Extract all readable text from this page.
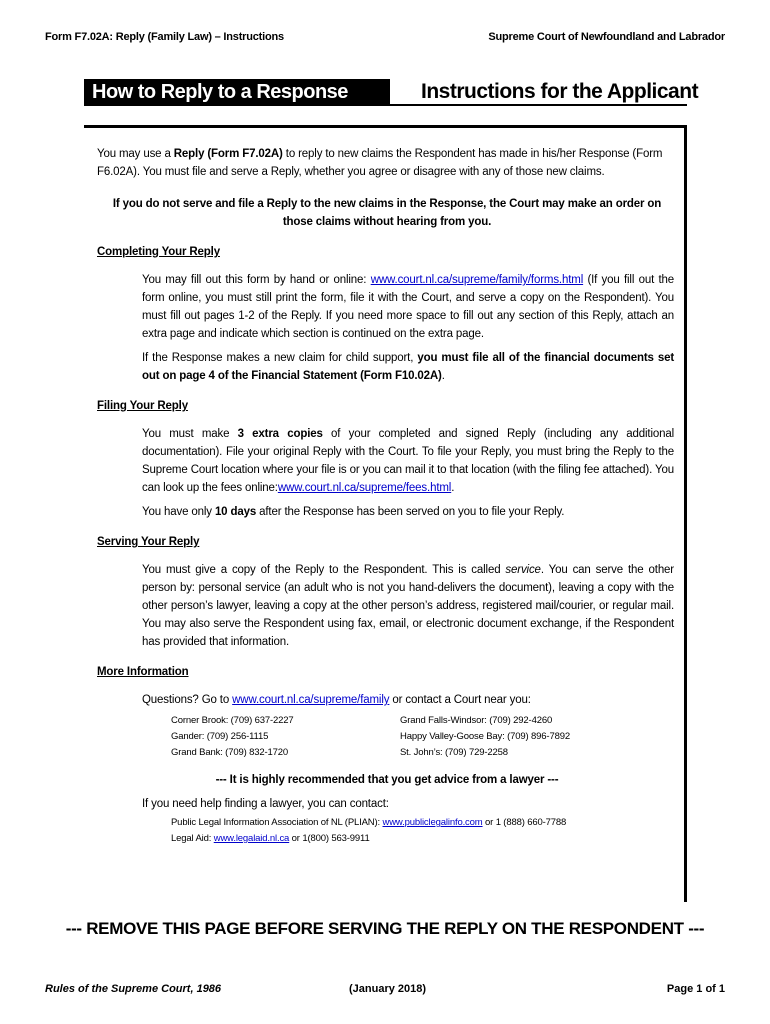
Form F7.02A: Reply (Family Law) – Instructions	Supreme Court of Newfoundland and Labrador
How to Reply to a Response	Instructions for the Applicant

You may use a Reply (Form F7.02A) to reply to new claims the Respondent has made in his/her Response (Form F6.02A). You must file and serve a Reply, whether you agree or disagree with any of those new claims.

If you do not serve and file a Reply to the new claims in the Response, the Court may make an order on those claims without hearing from you.

Completing Your Reply

You may fill out this form by hand or online: www.court.nl.ca/supreme/family/forms.html (If you fill out the form online, you must still print the form, file it with the Court, and serve a copy on the Respondent). You must fill out pages 1-2 of the Reply. If you need more space to fill out any section of this Reply, attach an extra page and indicate which section is continued on the extra page.

If the Response makes a new claim for child support, you must file all of the financial documents set out on page 4 of the Financial Statement (Form F10.02A).

Filing Your Reply

You must make 3 extra copies of your completed and signed Reply (including any additional documentation). File your original Reply with the Court. To file your Reply, you must bring the Reply to the Supreme Court location where your file is or you can mail it to that location (with the filing fee attached). You can look up the fees online:www.court.nl.ca/supreme/fees.html.

You have only 10 days after the Response has been served on you to file your Reply.

Serving Your Reply

You must give a copy of the Reply to the Respondent. This is called service. You can serve the other person by: personal service (an adult who is not you hand-delivers the document), leaving a copy with the other person’s lawyer, leaving a copy at the other person’s address, registered mail/courier, or regular mail. You may also serve the Respondent using fax, email, or electronic document exchange, if the Respondent has provided that information.

More Information

Questions? Go to www.court.nl.ca/supreme/family or contact a Court near you:

Corner Brook: (709) 637-2227	Grand Falls-Windsor: (709) 292-4260
Gander: (709) 256-1115	Happy Valley-Goose Bay: (709) 896-7892
Grand Bank: (709) 832-1720	St. John’s: (709) 729-2258

--- It is highly recommended that you get advice from a lawyer ---

If you need help finding a lawyer, you can contact:

Public Legal Information Association of NL (PLIAN): www.publiclegalinfo.com or 1 (888) 660-7788
Legal Aid: www.legalaid.nl.ca or 1(800) 563-9911
--- REMOVE THIS PAGE BEFORE SERVING THE REPLY ON THE RESPONDENT ---
Rules of the Supreme Court, 1986	(January 2018)	Page 1 of 1
